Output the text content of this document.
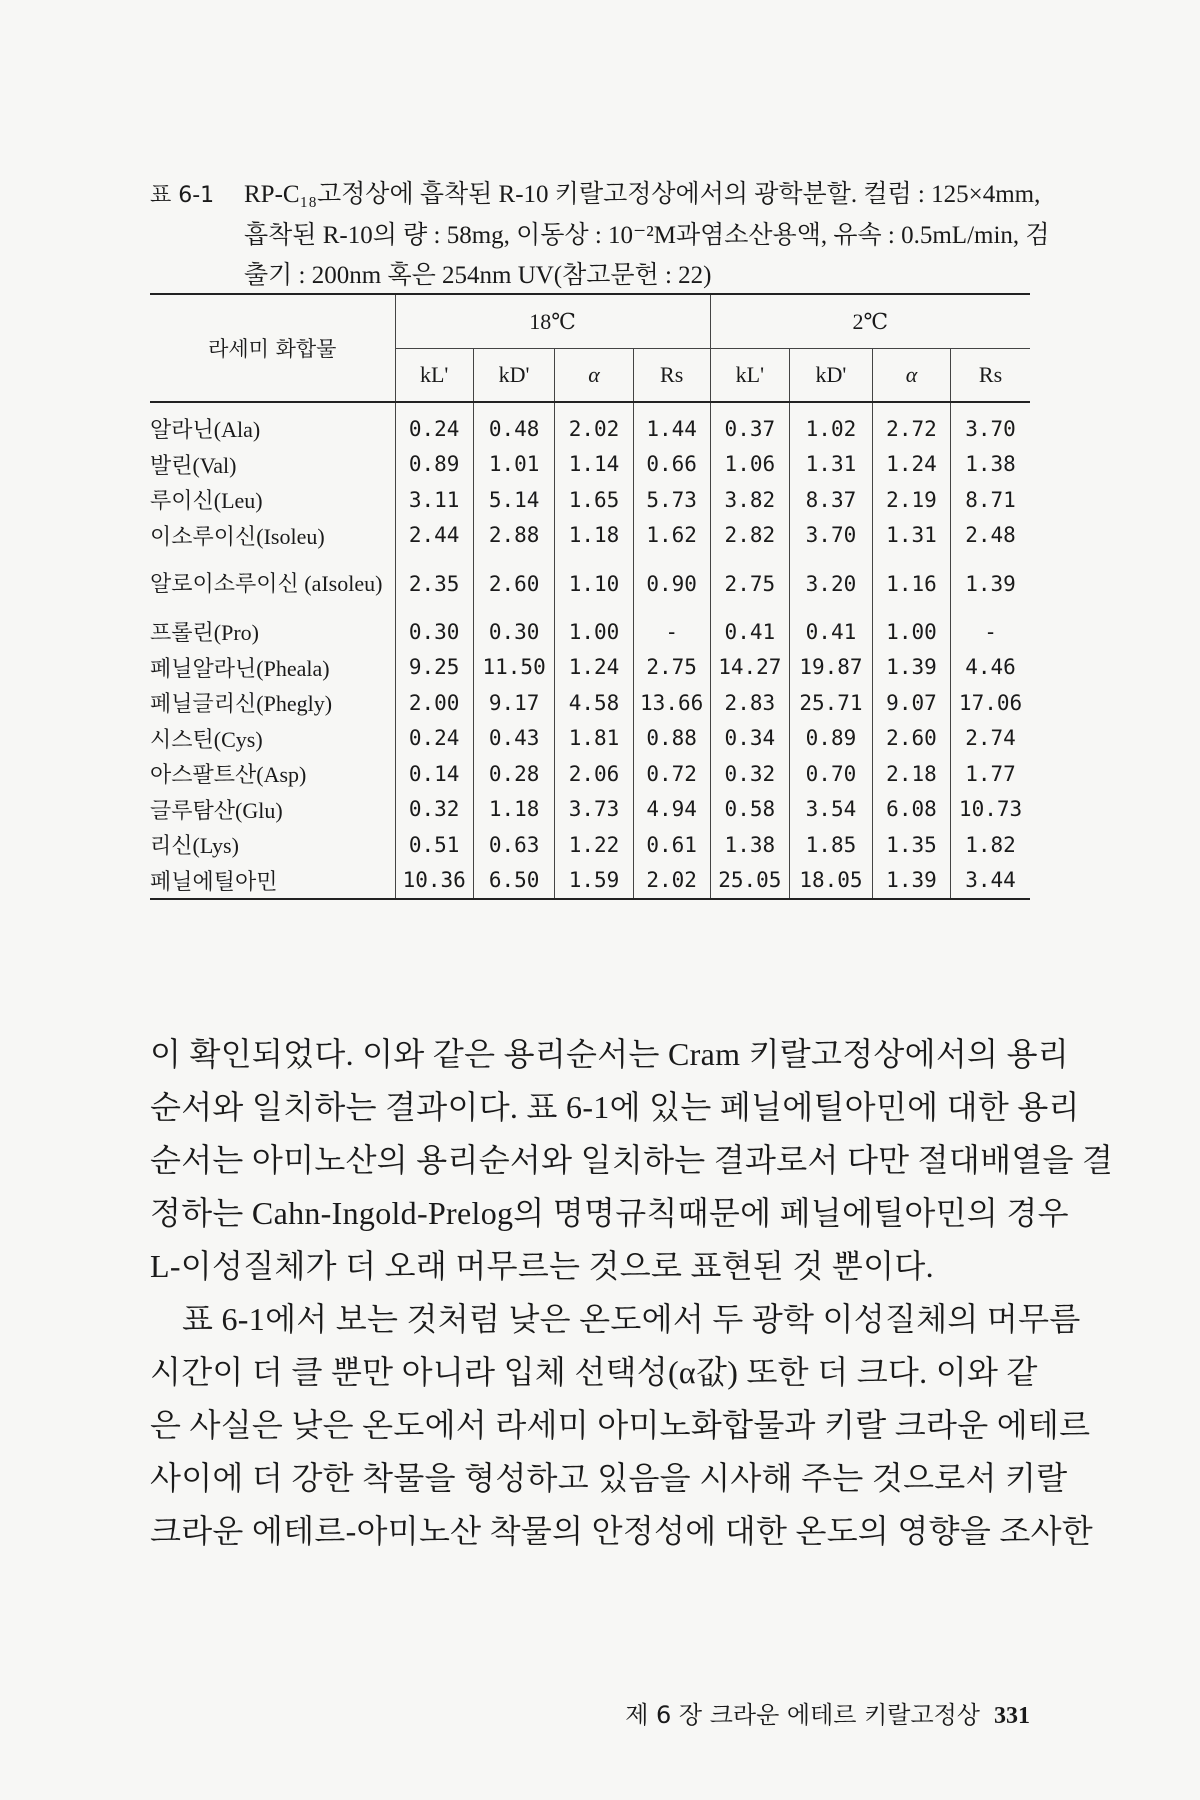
표 6-1 RP-C₁₈고정상에 흡착된 R-10 키랄고정상에서의 광학분할. 컬럼 : 125×4mm,
흡착된 R-10의 량 : 58mg, 이동상 : 10⁻²M과염소산용액, 유속 : 0.5mL/min, 검
출기 : 200nm 혹은 254nm UV(참고문헌 : 22)
라세미 화합물	18℃				2℃			
	kL'	kD'	α	Rs	kL'	kD'	α	Rs
알라닌(Ala)	0.24	0.48	2.02	1.44	0.37	1.02	2.72	3.70
발린(Val)	0.89	1.01	1.14	0.66	1.06	1.31	1.24	1.38
루이신(Leu)	3.11	5.14	1.65	5.73	3.82	8.37	2.19	8.71
이소루이신(Isoleu)	2.44	2.88	1.18	1.62	2.82	3.70	1.31	2.48
알로이소루이신 (aIsoleu)	2.35	2.60	1.10	0.90	2.75	3.20	1.16	1.39
프롤린(Pro)	0.30	0.30	1.00	-	0.41	0.41	1.00	-
페닐알라닌(Pheala)	9.25	11.50	1.24	2.75	14.27	19.87	1.39	4.46
페닐글리신(Phegly)	2.00	9.17	4.58	13.66	2.83	25.71	9.07	17.06
시스틴(Cys)	0.24	0.43	1.81	0.88	0.34	0.89	2.60	2.74
아스팔트산(Asp)	0.14	0.28	2.06	0.72	0.32	0.70	2.18	1.77
글루탐산(Glu)	0.32	1.18	3.73	4.94	0.58	3.54	6.08	10.73
리신(Lys)	0.51	0.63	1.22	0.61	1.38	1.85	1.35	1.82
페닐에틸아민	10.36	6.50	1.59	2.02	25.05	18.05	1.39	3.44
이 확인되었다. 이와 같은 용리순서는 Cram 키랄고정상에서의 용리
순서와 일치하는 결과이다. 표 6-1에 있는 페닐에틸아민에 대한 용리
순서는 아미노산의 용리순서와 일치하는 결과로서 다만 절대배열을 결
정하는 Cahn-Ingold-Prelog의 명명규칙때문에 페닐에틸아민의 경우
L-이성질체가 더 오래 머무르는 것으로 표현된 것 뿐이다.
표 6-1에서 보는 것처럼 낮은 온도에서 두 광학 이성질체의 머무름
시간이 더 클 뿐만 아니라 입체 선택성(α값) 또한 더 크다. 이와 같
은 사실은 낮은 온도에서 라세미 아미노화합물과 키랄 크라운 에테르
사이에 더 강한 착물을 형성하고 있음을 시사해 주는 것으로서 키랄
크라운 에테르-아미노산 착물의 안정성에 대한 온도의 영향을 조사한
제 6 장 크라운 에테르 키랄고정상 331
